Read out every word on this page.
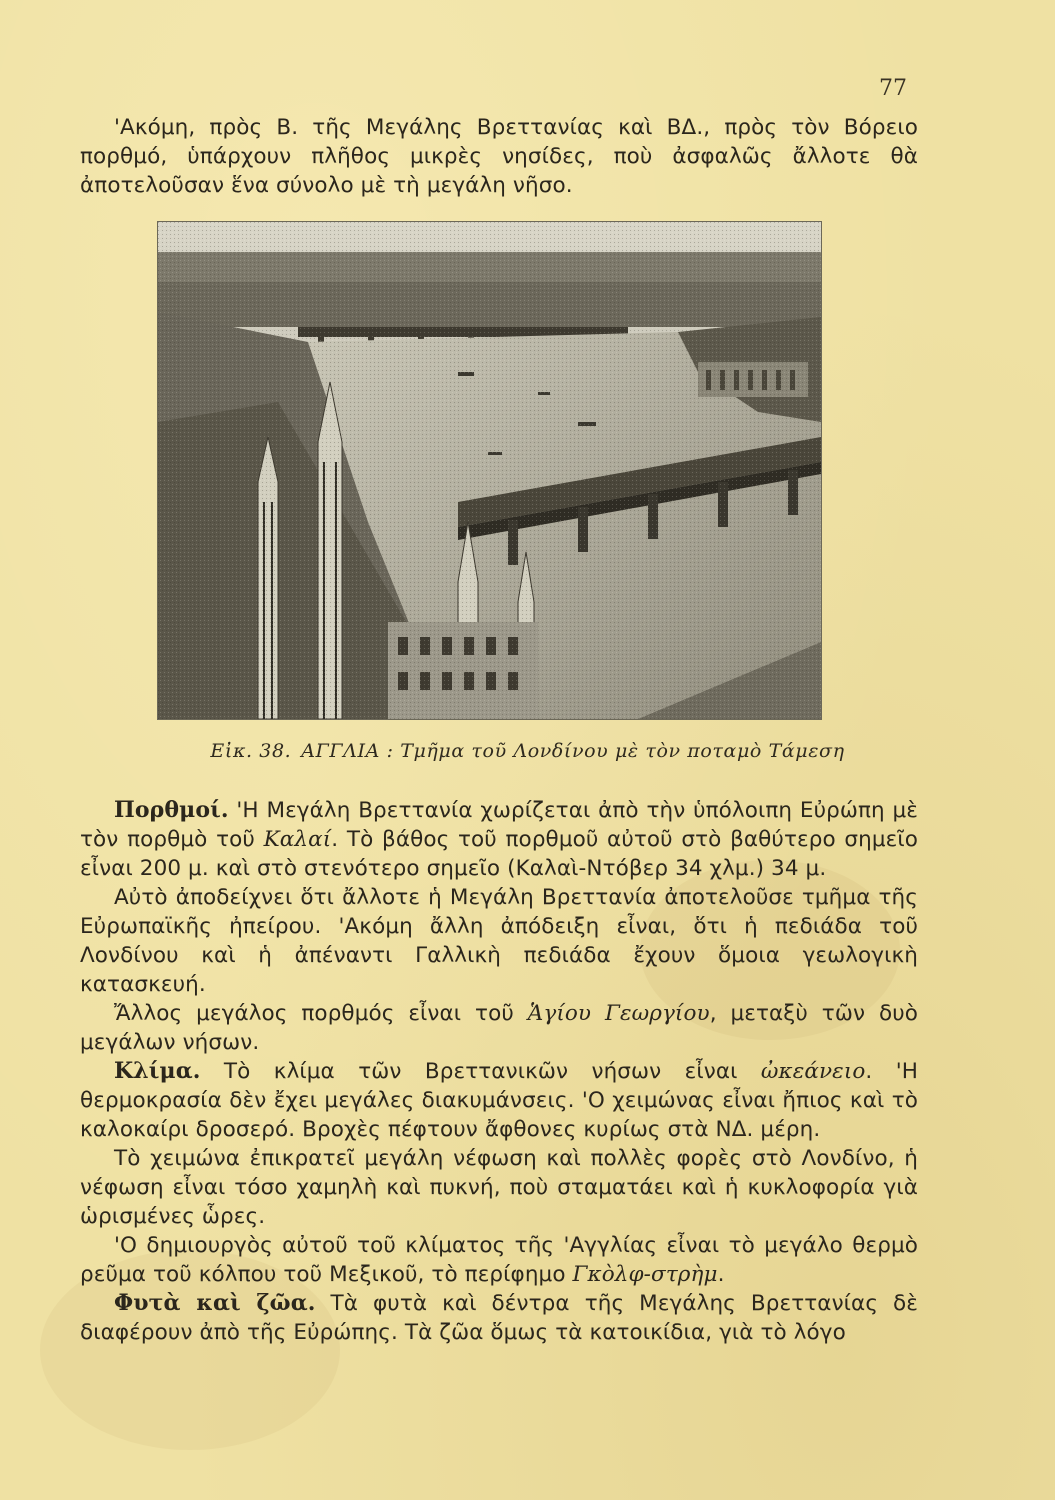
77

'Ακόμη, πρὸς Β. τῆς Μεγάλης Βρεττανίας καὶ ΒΔ., πρὸς τὸν Βόρειο πορθμό, ὑπάρχουν πλῆθος μικρὲς νησίδες, ποὺ ἀσφαλῶς ἄλλοτε θὰ ἀποτελοῦσαν ἕνα σύνολο μὲ τὴ μεγάλη νῆσο.

Εἰκ. 38. ΑΓΓΛΙΑ : Τμῆμα τοῦ Λονδίνου μὲ τὸν ποταμὸ Τάμεση

Πορθμοί. 'Η Μεγάλη Βρεττανία χωρίζεται ἀπὸ τὴν ὑπόλοιπη Εὐρώπη μὲ τὸν πορθμὸ τοῦ Καλαί. Τὸ βάθος τοῦ πορθμοῦ αὐτοῦ στὸ βαθύτερο σημεῖο εἶναι 200 μ. καὶ στὸ στενότερο σημεῖο (Καλαὶ-Ντόβερ 34 χλμ.) 34 μ.

Αὐτὸ ἀποδείχνει ὅτι ἄλλοτε ἡ Μεγάλη Βρεττανία ἀποτελοῦσε τμῆμα τῆς Εὐρωπαϊκῆς ἠπείρου. 'Ακόμη ἄλλη ἀπόδειξη εἶναι, ὅτι ἡ πεδιάδα τοῦ Λονδίνου καὶ ἡ ἀπέναντι Γαλλικὴ πεδιάδα ἔχουν ὅμοια γεωλογικὴ κατασκευή.

Ἄλλος μεγάλος πορθμός εἶναι τοῦ Ἁγίου Γεωργίου, μεταξὺ τῶν δυὸ μεγάλων νήσων.

Κλίμα. Τὸ κλίμα τῶν Βρεττανικῶν νήσων εἶναι ὠκεάνειο. 'Η θερμοκρασία δὲν ἔχει μεγάλες διακυμάνσεις. 'Ο χειμώνας εἶναι ἤπιος καὶ τὸ καλοκαίρι δροσερό. Βροχὲς πέφτουν ἄφθονες κυρίως στὰ ΝΔ. μέρη.

Τὸ χειμώνα ἐπικρατεῖ μεγάλη νέφωση καὶ πολλὲς φορὲς στὸ Λονδίνο, ἡ νέφωση εἶναι τόσο χαμηλὴ καὶ πυκνή, ποὺ σταματάει καὶ ἡ κυκλοφορία γιὰ ὡρισμένες ὧρες.

'Ο δημιουργὸς αὐτοῦ τοῦ κλίματος τῆς 'Αγγλίας εἶναι τὸ μεγάλο θερμὸ ρεῦμα τοῦ κόλπου τοῦ Μεξικοῦ, τὸ περίφημο Γκὸλφ-στρὴμ.

Φυτὰ καὶ ζῶα. Τὰ φυτὰ καὶ δέντρα τῆς Μεγάλης Βρεττανίας δὲ διαφέρουν ἀπὸ τῆς Εὐρώπης. Τὰ ζῶα ὅμως τὰ κατοικίδια, γιὰ τὸ λόγο
